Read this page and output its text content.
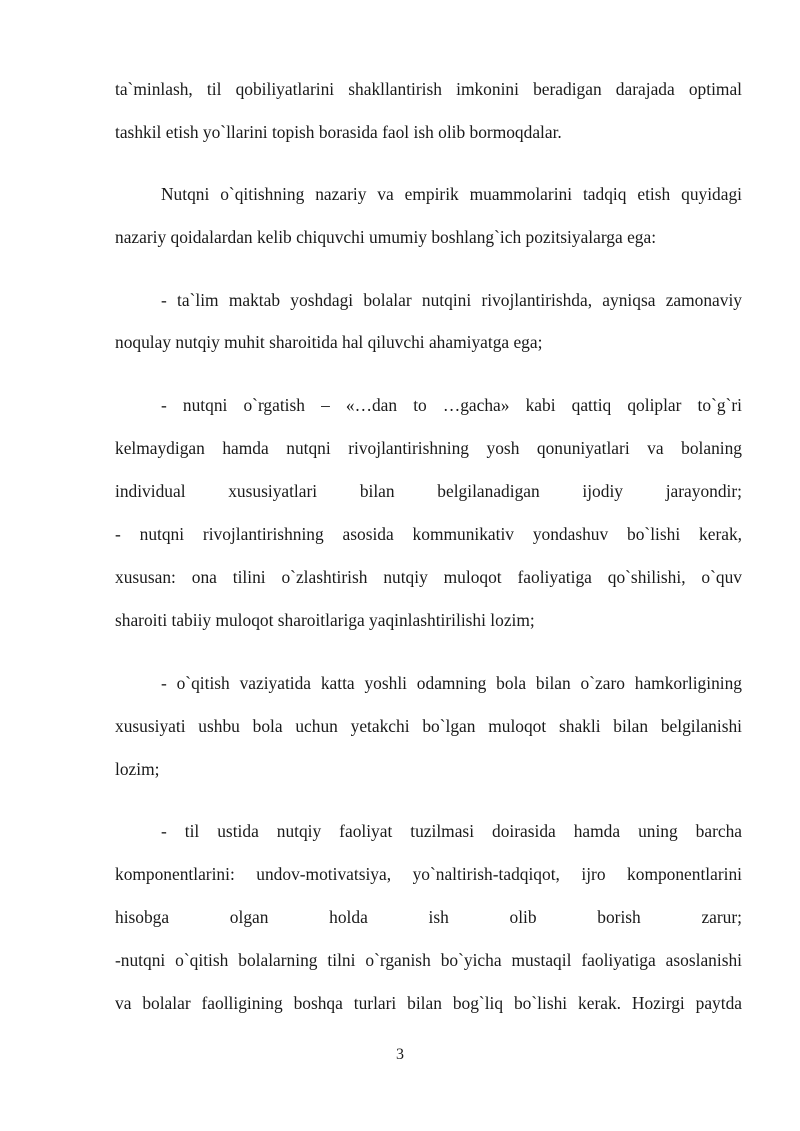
ta`minlash, til qobiliyatlarini shakllantirish imkonini beradigan darajada optimal
tashkil etish yo`llarini topish borasida faol ish olib bormoqdalar.
Nutqni o`qitishning nazariy va empirik muammolarini tadqiq etish quyidagi
nazariy qoidalardan kelib chiquvchi umumiy boshlang`ich pozitsiyalarga ega:
- ta`lim maktab yoshdagi bolalar nutqini rivojlantirishda, ayniqsa zamonaviy
noqulay nutqiy muhit sharoitida hal qiluvchi ahamiyatga ega;
- nutqni o`rgatish – «…dan to …gacha» kabi qattiq qoliplar to`g`ri
kelmaydigan hamda nutqni rivojlantirishning yosh qonuniyatlari va bolaning
individual xususiyatlari bilan belgilanadigan ijodiy jarayondir;
- nutqni rivojlantirishning asosida kommunikativ yondashuv bo`lishi kerak,
xususan: ona tilini o`zlashtirish nutqiy muloqot faoliyatiga qo`shilishi, o`quv
sharoiti tabiiy muloqot sharoitlariga yaqinlashtirilishi lozim;
- o`qitish vaziyatida katta yoshli odamning bola bilan o`zaro hamkorligining
xususiyati ushbu bola uchun yetakchi bo`lgan muloqot shakli bilan belgilanishi
lozim;
- til ustida nutqiy faoliyat tuzilmasi doirasida hamda uning barcha
komponentlarini: undov-motivatsiya, yo`naltirish-tadqiqot, ijro komponentlarini
hisobga olgan holda ish olib borish zarur;
-nutqni o`qitish bolalarning tilni o`rganish bo`yicha mustaqil faoliyatiga asoslanishi
va bolalar faolligining boshqa turlari bilan bog`liq bo`lishi kerak. Hozirgi paytda
3
